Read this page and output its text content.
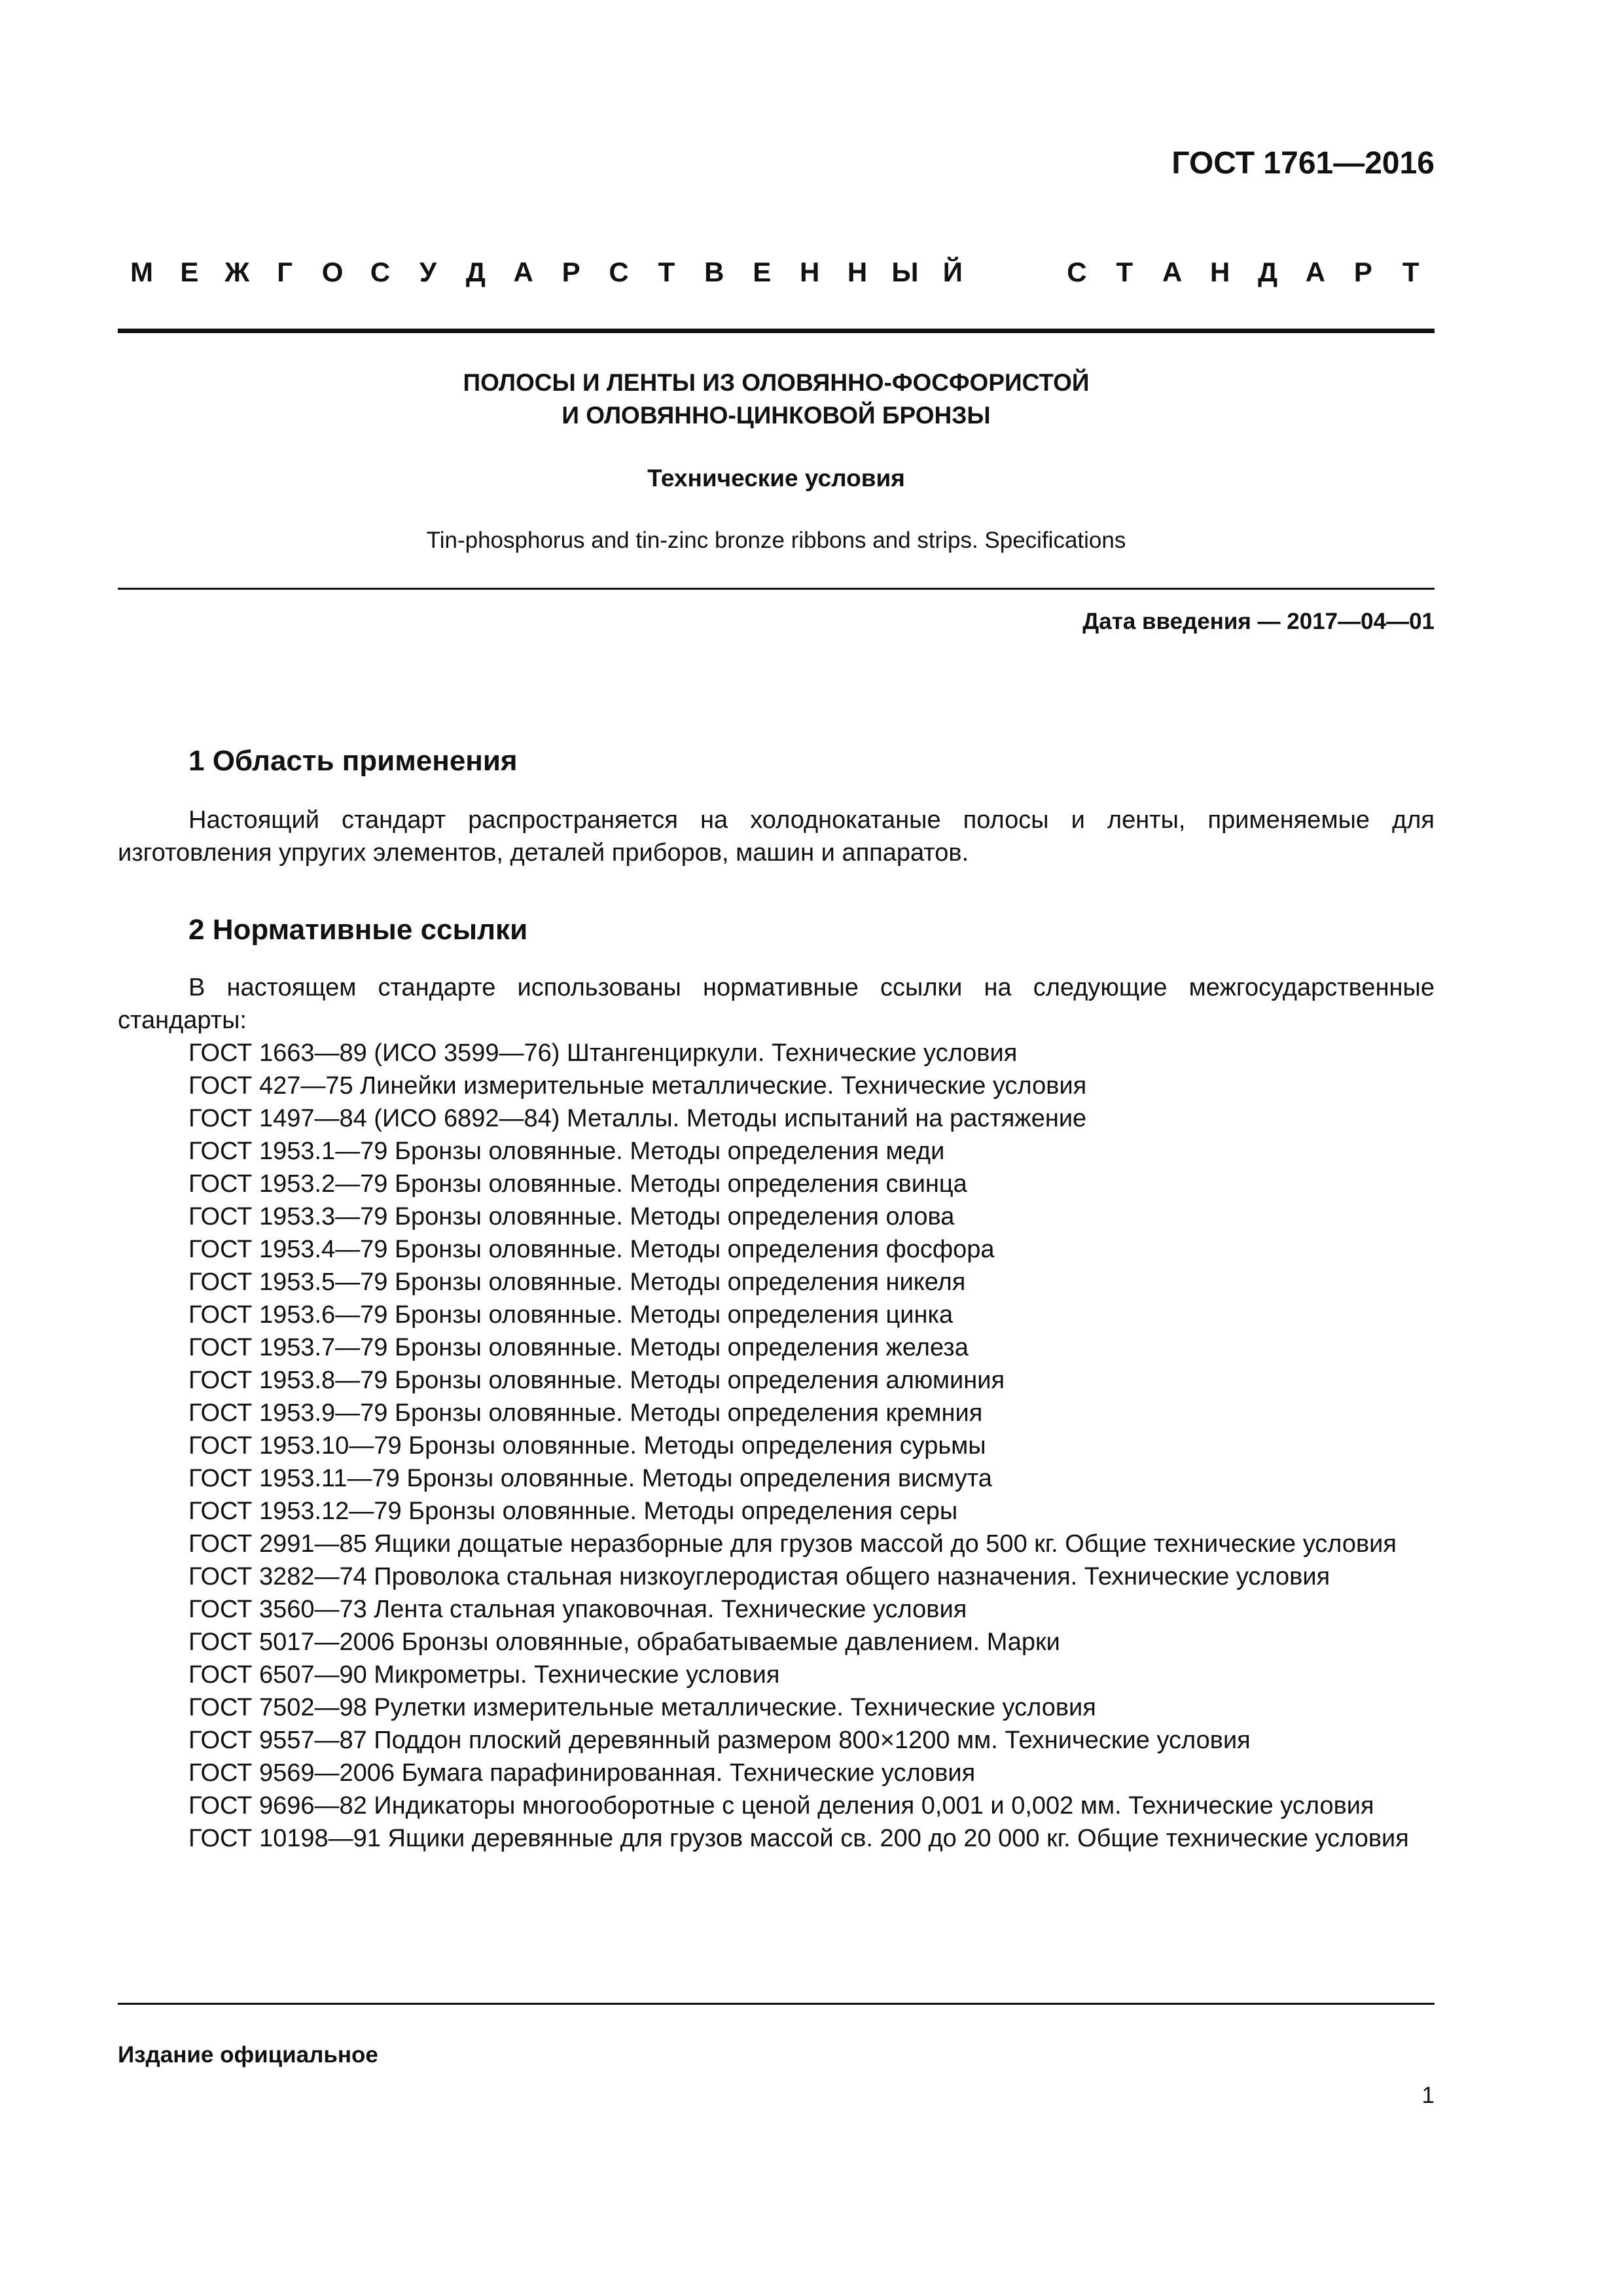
ГОСТ 1761—2016
М Е Ж	Г	О С	У	Д	А	Р	С	Т	В	Е	Н	Н Ы Й	С	Т	А	Н	Д	А	Р	Т
ПОЛОСЫ И ЛЕНТЫ ИЗ ОЛОВЯННО-ФОСФОРИСТОЙ
И ОЛОВЯННО-ЦИНКОВОЙ БРОНЗЫ
Технические условия
Tin-phosphorus and tin-zinc bronze ribbons and strips. Specifications
Дата введения — 2017—04—01
1 Область применения

Настоящий стандарт распространяется на холоднокатаные полосы и ленты, применяемые для изготовления упругих элементов, деталей приборов, машин и аппаратов.

2 Нормативные ссылки

В настоящем стандарте использованы нормативные ссылки на следующие межгосударственные стандарты:

ГОСТ 1663—89 (ИСО 3599—76) Штангенциркули. Технические условия
ГОСТ 427—75 Линейки измерительные металлические. Технические условия
ГОСТ 1497—84 (ИСО 6892—84) Металлы. Методы испытаний на растяжение
ГОСТ 1953.1—79 Бронзы оловянные. Методы определения меди
ГОСТ 1953.2—79 Бронзы оловянные. Методы определения свинца
ГОСТ 1953.3—79 Бронзы оловянные. Методы определения олова
ГОСТ 1953.4—79 Бронзы оловянные. Методы определения фосфора
ГОСТ 1953.5—79 Бронзы оловянные. Методы определения никеля
ГОСТ 1953.6—79 Бронзы оловянные. Методы определения цинка
ГОСТ 1953.7—79 Бронзы оловянные. Методы определения железа
ГОСТ 1953.8—79 Бронзы оловянные. Методы определения алюминия
ГОСТ 1953.9—79 Бронзы оловянные. Методы определения кремния
ГОСТ 1953.10—79 Бронзы оловянные. Методы определения сурьмы
ГОСТ 1953.11—79 Бронзы оловянные. Методы определения висмута
ГОСТ 1953.12—79 Бронзы оловянные. Методы определения серы
ГОСТ 2991—85 Ящики дощатые неразборные для грузов массой до 500 кг. Общие технические условия
ГОСТ 3282—74 Проволока стальная низкоуглеродистая общего назначения. Технические условия
ГОСТ 3560—73 Лента стальная упаковочная. Технические условия
ГОСТ 5017—2006 Бронзы оловянные, обрабатываемые давлением. Марки
ГОСТ 6507—90 Микрометры. Технические условия
ГОСТ 7502—98 Рулетки измерительные металлические. Технические условия
ГОСТ 9557—87 Поддон плоский деревянный размером 800×1200 мм. Технические условия
ГОСТ 9569—2006 Бумага парафинированная. Технические условия
ГОСТ 9696—82 Индикаторы многооборотные с ценой деления 0,001 и 0,002 мм. Технические условия
ГОСТ 10198—91 Ящики деревянные для грузов массой св. 200 до 20 000 кг. Общие технические условия
Издание официальное
1
